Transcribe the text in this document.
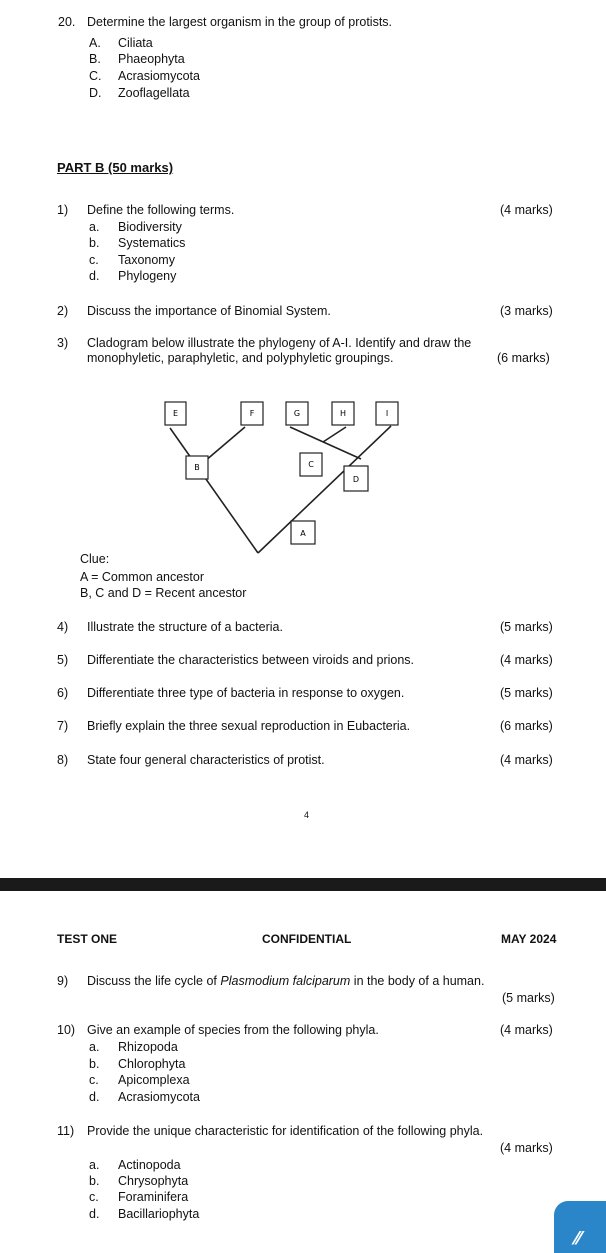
20. Determine the largest organism in the group of protists.
A. Ciliata
B. Phaeophyta
C. Acrasiomycota
D. Zooflagellata
PART B (50 marks)
1) Define the following terms.	(4 marks)
a. Biodiversity
b. Systematics
c. Taxonomy
d. Phylogeny
2) Discuss the importance of Binomial System.	(3 marks)
3) Cladogram below illustrate the phylogeny of A-I. Identify and draw the
monophyletic, paraphyletic, and polyphyletic groupings.	(6 marks)
E	F	G	H	I
B	C
D
A
Clue:
A = Common ancestor
B, C and D = Recent ancestor
4) Illustrate the structure of a bacteria.	(5 marks)
5) Differentiate the characteristics between viroids and prions.	(4 marks)
6) Differentiate three type of bacteria in response to oxygen.	(5 marks)
7) Briefly explain the three sexual reproduction in Eubacteria.	(6 marks)
8) State four general characteristics of protist.	(4 marks)
4
TEST ONE	CONFIDENTIAL	MAY 2024
9) Discuss the life cycle of Plasmodium falciparum in the body of a human.
(5 marks)
10) Give an example of species from the following phyla.	(4 marks)
a. Rhizopoda
b. Chlorophyta
c. Apicomplexa
d. Acrasiomycota
11) Provide the unique characteristic for identification of the following phyla.
(4 marks)
a. Actinopoda
b. Chrysophyta
c. Foraminifera
d. Bacillariophyta
⁄⁄
